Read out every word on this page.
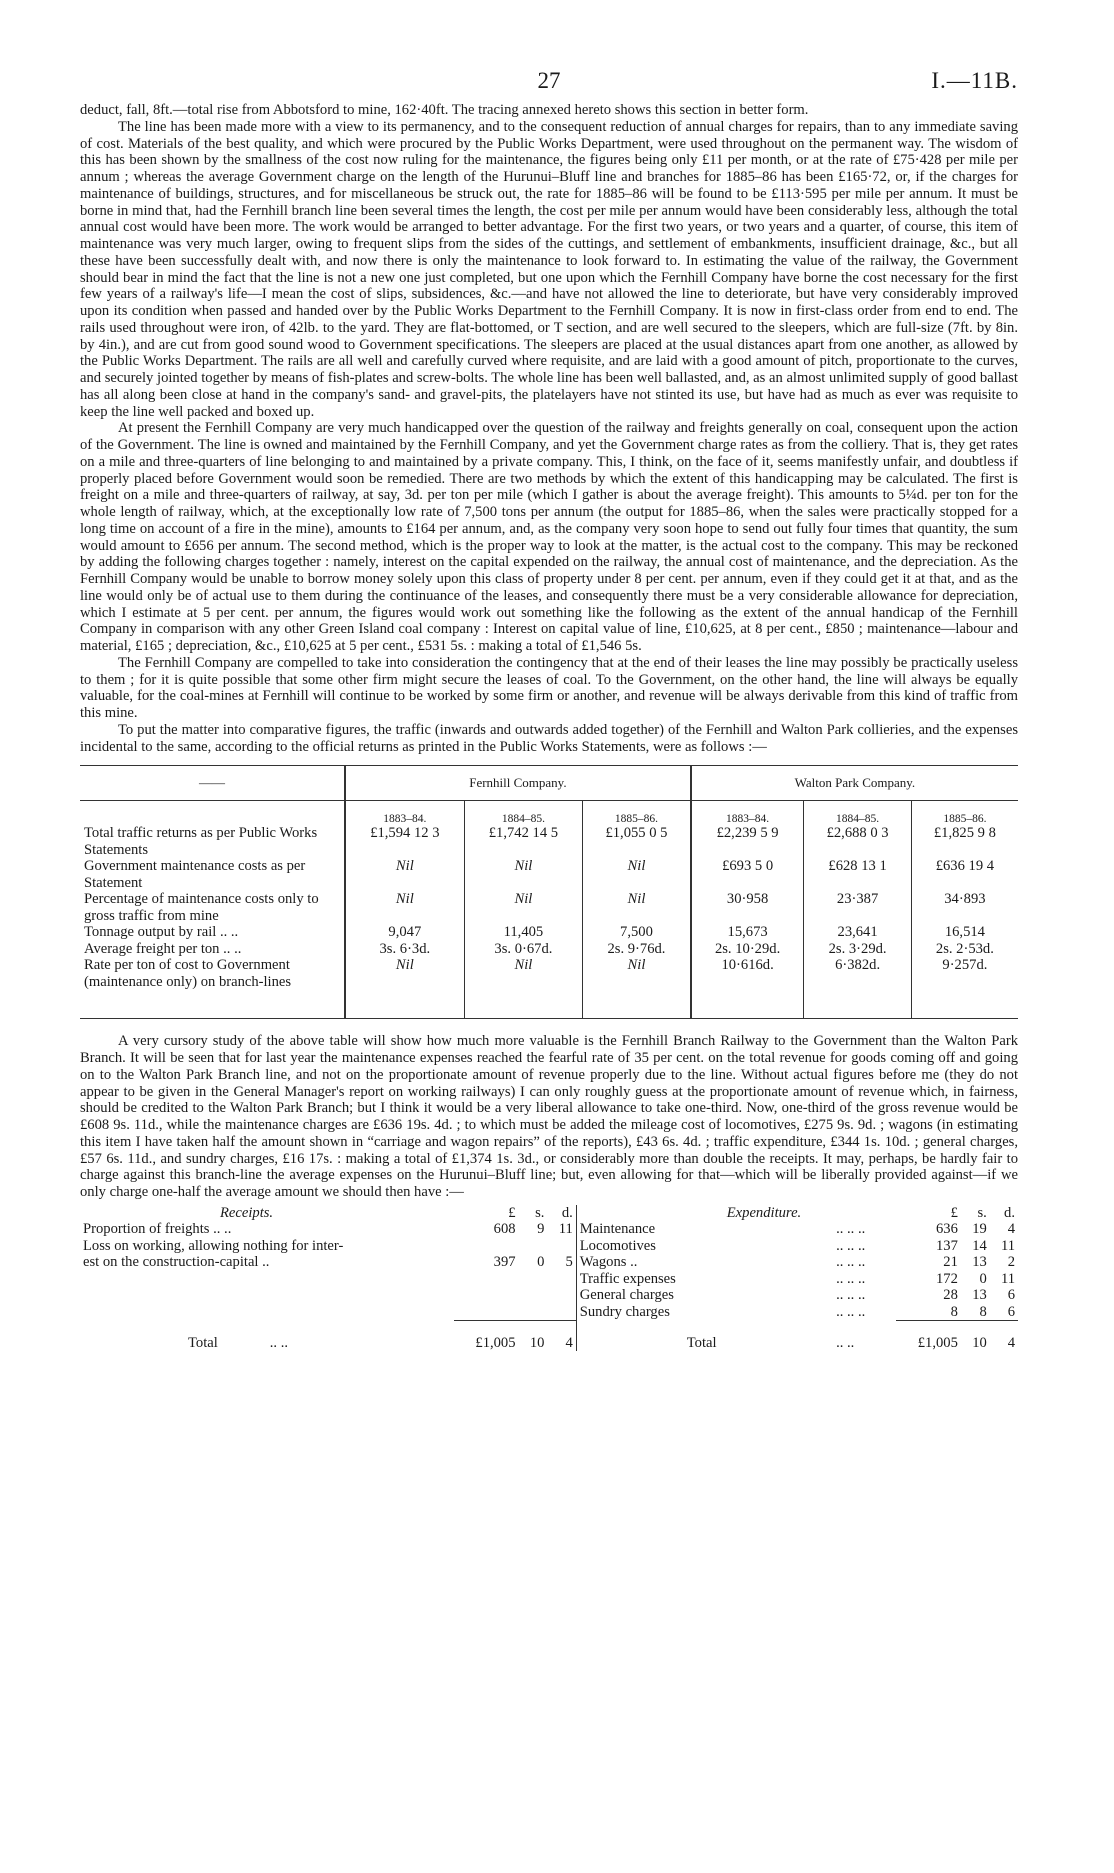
27	I.—11B.

deduct, fall, 8ft.—total rise from Abbotsford to mine, 162·40ft. The tracing annexed hereto shows this section in better form.

The line has been made more with a view to its permanency, and to the consequent reduction of annual charges for repairs, than to any immediate saving of cost. Materials of the best quality, and which were procured by the Public Works Department, were used throughout on the permanent way. The wisdom of this has been shown by the smallness of the cost now ruling for the maintenance, the figures being only £11 per month, or at the rate of £75·428 per mile per annum ; whereas the average Government charge on the length of the Hurunui–Bluff line and branches for 1885–86 has been £165·72, or, if the charges for maintenance of buildings, structures, and for miscellaneous be struck out, the rate for 1885–86 will be found to be £113·595 per mile per annum. It must be borne in mind that, had the Fernhill branch line been several times the length, the cost per mile per annum would have been considerably less, although the total annual cost would have been more. The work would be arranged to better advantage. For the first two years, or two years and a quarter, of course, this item of maintenance was very much larger, owing to frequent slips from the sides of the cuttings, and settlement of embankments, insufficient drainage, &c., but all these have been successfully dealt with, and now there is only the maintenance to look forward to. In estimating the value of the railway, the Government should bear in mind the fact that the line is not a new one just completed, but one upon which the Fernhill Company have borne the cost necessary for the first few years of a railway's life—I mean the cost of slips, subsidences, &c.—and have not allowed the line to deteriorate, but have very considerably improved upon its condition when passed and handed over by the Public Works Department to the Fernhill Company. It is now in first-class order from end to end. The rails used throughout were iron, of 42lb. to the yard. They are flat-bottomed, or T section, and are well secured to the sleepers, which are full-size (7ft. by 8in. by 4in.), and are cut from good sound wood to Government specifications. The sleepers are placed at the usual distances apart from one another, as allowed by the Public Works Department. The rails are all well and carefully curved where requisite, and are laid with a good amount of pitch, proportionate to the curves, and securely jointed together by means of fish-plates and screw-bolts. The whole line has been well ballasted, and, as an almost unlimited supply of good ballast has all along been close at hand in the company's sand- and gravel-pits, the platelayers have not stinted its use, but have had as much as ever was requisite to keep the line well packed and boxed up.

At present the Fernhill Company are very much handicapped over the question of the railway and freights generally on coal, consequent upon the action of the Government. The line is owned and maintained by the Fernhill Company, and yet the Government charge rates as from the colliery. That is, they get rates on a mile and three-quarters of line belonging to and maintained by a private company. This, I think, on the face of it, seems manifestly unfair, and doubtless if properly placed before Government would soon be remedied. There are two methods by which the extent of this handicapping may be calculated. The first is freight on a mile and three-quarters of railway, at say, 3d. per ton per mile (which I gather is about the average freight). This amounts to 5¼d. per ton for the whole length of railway, which, at the exceptionally low rate of 7,500 tons per annum (the output for 1885–86, when the sales were practically stopped for a long time on account of a fire in the mine), amounts to £164 per annum, and, as the company very soon hope to send out fully four times that quantity, the sum would amount to £656 per annum. The second method, which is the proper way to look at the matter, is the actual cost to the company. This may be reckoned by adding the following charges together : namely, interest on the capital expended on the railway, the annual cost of maintenance, and the depreciation. As the Fernhill Company would be unable to borrow money solely upon this class of property under 8 per cent. per annum, even if they could get it at that, and as the line would only be of actual use to them during the continuance of the leases, and consequently there must be a very considerable allowance for depreciation, which I estimate at 5 per cent. per annum, the figures would work out something like the following as the extent of the annual handicap of the Fernhill Company in comparison with any other Green Island coal company : Interest on capital value of line, £10,625, at 8 per cent., £850 ; maintenance—labour and material, £165 ; depreciation, &c., £10,625 at 5 per cent., £531 5s. : making a total of £1,546 5s.

The Fernhill Company are compelled to take into consideration the contingency that at the end of their leases the line may possibly be practically useless to them ; for it is quite possible that some other firm might secure the leases of coal. To the Government, on the other hand, the line will always be equally valuable, for the coal-mines at Fernhill will continue to be worked by some firm or another, and revenue will be always derivable from this kind of traffic from this mine.

To put the matter into comparative figures, the traffic (inwards and outwards added together) of the Fernhill and Walton Park collieries, and the expenses incidental to the same, according to the official returns as printed in the Public Works Statements, were as follows :—

——	Fernhill Company.			Walton Park Company.		
	1883–84.	1884–85.	1885–86.	1883–84.	1884–85.	1885–86.
Total traffic returns as per Public Works Statements	£1,594 12 3	£1,742 14 5	£1,055 0 5	£2,239 5 9	£2,688 0 3	£1,825 9 8
Government maintenance costs as per Statement	Nil	Nil	Nil	£693 5 0	£628 13 1	£636 19 4
Percentage of maintenance costs only to gross traffic from mine	Nil	Nil	Nil	30·958	23·387	34·893
Tonnage output by rail .. ..	9,047	11,405	7,500	15,673	23,641	16,514
Average freight per ton .. ..	3s. 6·3d.	3s. 0·67d.	2s. 9·76d.	2s. 10·29d.	2s. 3·29d.	2s. 2·53d.
Rate per ton of cost to Government (maintenance only) on branch-lines	Nil	Nil	Nil	10·616d.	6·382d.	9·257d.

A very cursory study of the above table will show how much more valuable is the Fernhill Branch Railway to the Government than the Walton Park Branch. It will be seen that for last year the maintenance expenses reached the fearful rate of 35 per cent. on the total revenue for goods coming off and going on to the Walton Park Branch line, and not on the proportionate amount of revenue properly due to the line. Without actual figures before me (they do not appear to be given in the General Manager's report on working railways) I can only roughly guess at the proportionate amount of revenue which, in fairness, should be credited to the Walton Park Branch; but I think it would be a very liberal allowance to take one-third. Now, one-third of the gross revenue would be £608 9s. 11d., while the maintenance charges are £636 19s. 4d. ; to which must be added the mileage cost of locomotives, £275 9s. 9d. ; wagons (in estimating this item I have taken half the amount shown in “carriage and wagon repairs” of the reports), £43 6s. 4d. ; traffic expenditure, £344 1s. 10d. ; general charges, £57 6s. 11d., and sundry charges, £16 17s. : making a total of £1,374 1s. 3d., or considerably more than double the receipts. It may, perhaps, be hardly fair to charge against this branch-line the average expenses on the Hurunui–Bluff line; but, even allowing for that—which will be liberally provided against—if we only charge one-half the average amount we should then have :—

Receipts.	£	s.	d.	Expenditure.		£	s.	d.
Proportion of freights .. ..	608	9	11	Maintenance	.. .. ..	636	19	4
Loss on working, allowing nothing for inter-				Locomotives	.. .. ..	137	14	11
est on the construction-capital ..	397	0	5	Wagons ..	.. .. ..	21	13	2
				Traffic expenses	.. .. ..	172	0	11
				General charges	.. .. ..	28	13	6
				Sundry charges	.. .. ..	8	8	6

Total .. ..	£1,005	10	4	Total	.. ..	£1,005	10	4
